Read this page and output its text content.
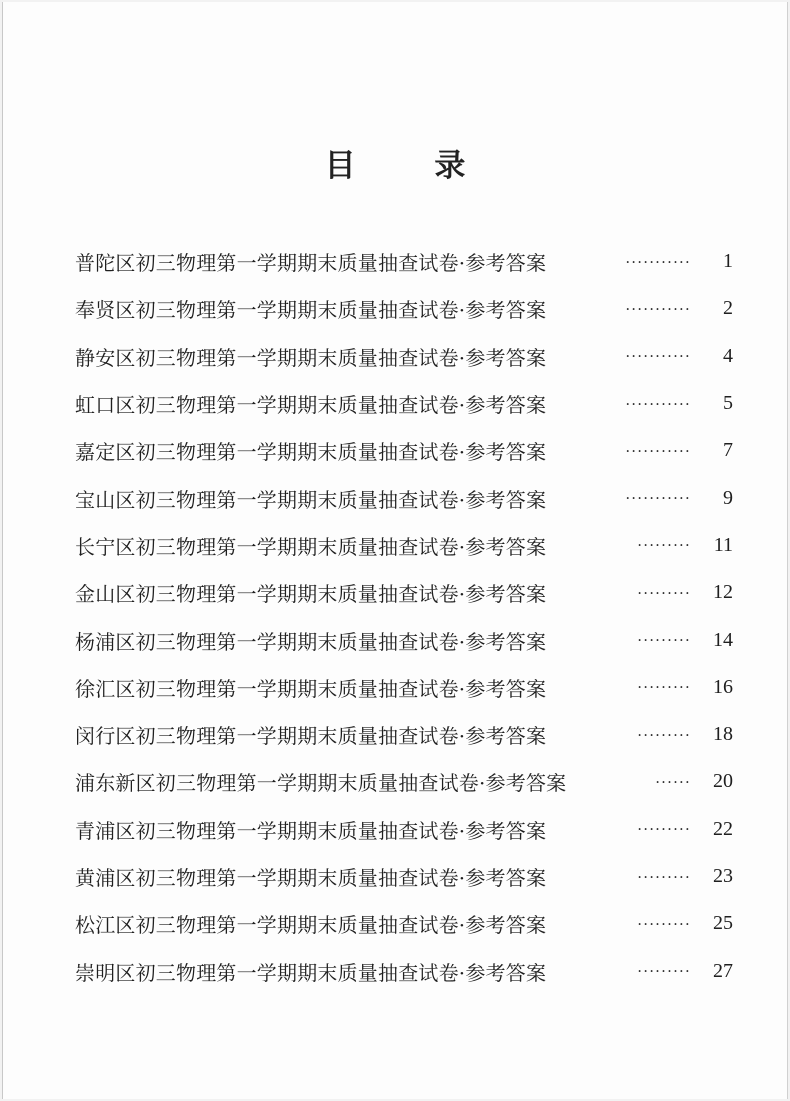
目 录
普陀区初三物理第一学期期末质量抽查试卷·参考答案	···········	1
奉贤区初三物理第一学期期末质量抽查试卷·参考答案	···········	2
静安区初三物理第一学期期末质量抽查试卷·参考答案	···········	4
虹口区初三物理第一学期期末质量抽查试卷·参考答案	···········	5
嘉定区初三物理第一学期期末质量抽查试卷·参考答案	···········	7
宝山区初三物理第一学期期末质量抽查试卷·参考答案	···········	9
长宁区初三物理第一学期期末质量抽查试卷·参考答案	·········	11
金山区初三物理第一学期期末质量抽查试卷·参考答案	·········	12
杨浦区初三物理第一学期期末质量抽查试卷·参考答案	·········	14
徐汇区初三物理第一学期期末质量抽查试卷·参考答案	·········	16
闵行区初三物理第一学期期末质量抽查试卷·参考答案	·········	18
浦东新区初三物理第一学期期末质量抽查试卷·参考答案	······	20
青浦区初三物理第一学期期末质量抽查试卷·参考答案	·········	22
黄浦区初三物理第一学期期末质量抽查试卷·参考答案	·········	23
松江区初三物理第一学期期末质量抽查试卷·参考答案	·········	25
崇明区初三物理第一学期期末质量抽查试卷·参考答案	·········	27
